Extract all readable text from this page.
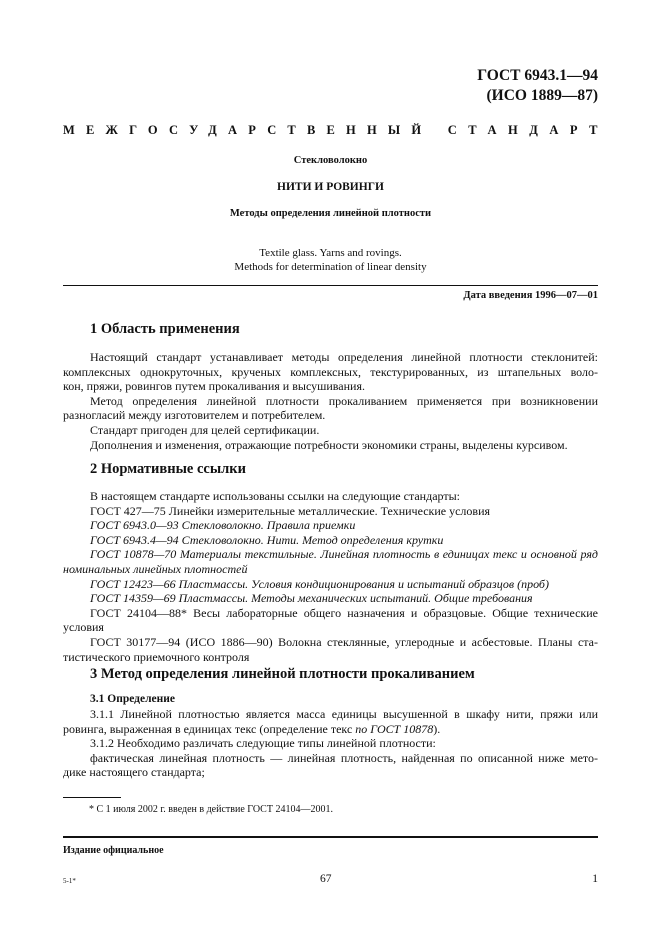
ГОСТ 6943.1—94
(ИСО 1889—87)
МЕЖГОСУДАРСТВЕННЫЙ СТАНДАРТ
Стекловолокно
НИТИ И РОВИНГИ
Методы определения линейной плотности
Textile glass. Yarns and rovings.
Methods for determination of linear density
Дата введения 1996—07—01
1 Область применения
Настоящий стандарт устанавливает методы определения линейной плотности стеклонитей:
комплексных однокруточных, крученых комплексных, текстурированных, из штапельных воло-
кон, пряжи, ровингов путем прокаливания и высушивания.
Метод определения линейной плотности прокаливанием применяется при возникновении
разногласий между изготовителем и потребителем.
Стандарт пригоден для целей сертификации.
Дополнения и изменения, отражающие потребности экономики страны, выделены курсивом.
2 Нормативные ссылки
В настоящем стандарте использованы ссылки на следующие стандарты:
ГОСТ 427—75 Линейки измерительные металлические. Технические условия
ГОСТ 6943.0—93 Стекловолокно. Правила приемки
ГОСТ 6943.4—94 Стекловолокно. Нити. Метод определения крутки
ГОСТ 10878—70 Материалы текстильные. Линейная плотность в единицах текс и основной ряд
номинальных линейных плотностей
ГОСТ 12423—66 Пластмассы. Условия кондиционирования и испытаний образцов (проб)
ГОСТ 14359—69 Пластмассы. Методы механических испытаний. Общие требования
ГОСТ 24104—88* Весы лабораторные общего назначения и образцовые. Общие технические
условия
ГОСТ 30177—94 (ИСО 1886—90) Волокна стеклянные, углеродные и асбестовые. Планы ста-
тистического приемочного контроля
3 Метод определения линейной плотности прокаливанием
3.1 Определение
3.1.1 Линейной плотностью является масса единицы высушенной в шкафу нити, пряжи или
ровинга, выраженная в единицах текс (определение текс по ГОСТ 10878).
3.1.2 Необходимо различать следующие типы линейной плотности:
фактическая линейная плотность — линейная плотность, найденная по описанной ниже мето-
дике настоящего стандарта;
* С 1 июля 2002 г. введен в действие ГОСТ 24104—2001.
Издание официальное
5-1*	67	1
